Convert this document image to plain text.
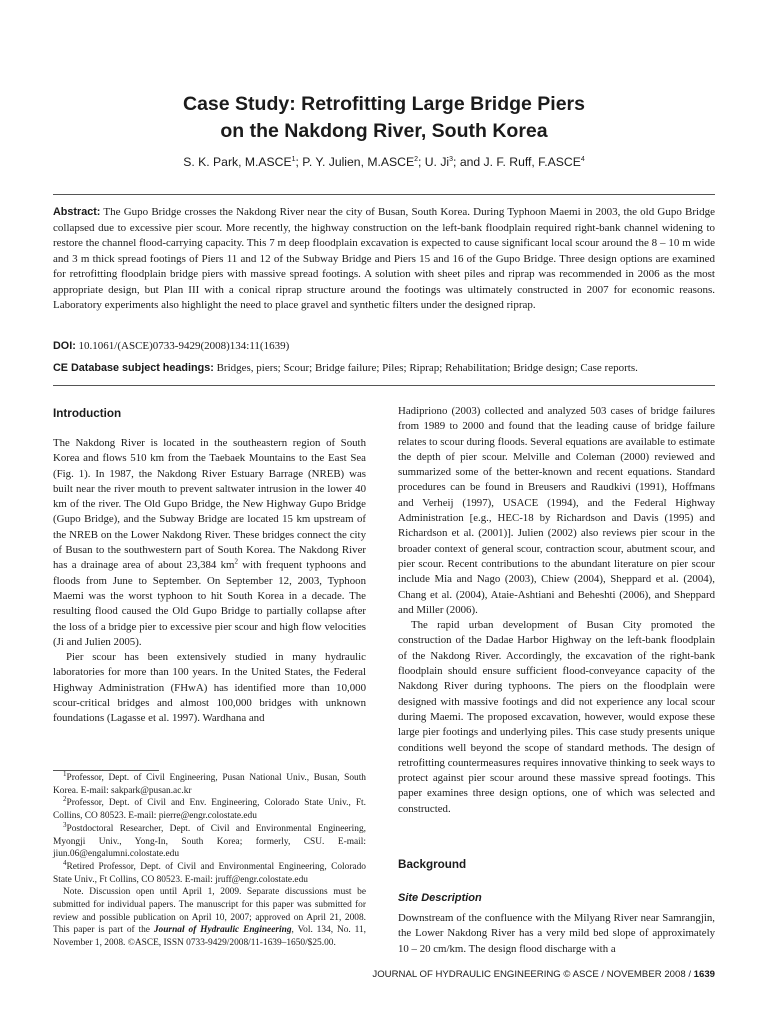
Case Study: Retrofitting Large Bridge Piers
on the Nakdong River, South Korea
S. K. Park, M.ASCE$^1$; P. Y. Julien, M.ASCE$^2$; U. Ji$^3$; and J. F. Ruff, F.ASCE$^4$
Abstract: The Gupo Bridge crosses the Nakdong River near the city of Busan, South Korea. During Typhoon Maemi in 2003, the old Gupo Bridge collapsed due to excessive pier scour. More recently, the highway construction on the left-bank floodplain required right-bank channel widening to restore the channel flood-carrying capacity. This 7 m deep floodplain excavation is expected to cause significant local scour around the 8 – 10 m wide and 3 m thick spread footings of Piers 11 and 12 of the Subway Bridge and Piers 15 and 16 of the Gupo Bridge. Three design options are examined for retrofitting floodplain bridge piers with massive spread footings. A solution with sheet piles and riprap was recommended in 2006 as the most appropriate design, but Plan III with a conical riprap structure around the footings was ultimately constructed in 2007 for economic reasons. Laboratory experiments also highlight the need to place gravel and synthetic filters under the designed riprap.
DOI: 10.1061/(ASCE)0733-9429(2008)134:11(1639)
CE Database subject headings: Bridges, piers; Scour; Bridge failure; Piles; Riprap; Rehabilitation; Bridge design; Case reports.
Introduction

The Nakdong River is located in the southeastern region of South Korea and flows 510 km from the Taebaek Mountains to the East Sea (Fig. 1). In 1987, the Nakdong River Estuary Barrage (NREB) was built near the river mouth to prevent saltwater intrusion in the lower 40 km of the river. The Old Gupo Bridge, the New Highway Gupo Bridge (Gupo Bridge), and the Subway Bridge are located 15 km upstream of the NREB on the Lower Nakdong River. These bridges connect the city of Busan to the southwestern part of South Korea. The Nakdong River has a drainage area of about 23,384 $km^2$ with frequent typhoons and floods from June to September. On September 12, 2003, Typhoon Maemi was the worst typhoon to hit South Korea in a decade. The resulting flood caused the Old Gupo Bridge to partially collapse after the loss of a bridge pier to excessive pier scour and high flow velocities (Ji and Julien 2005).

Pier scour has been extensively studied in many hydraulic laboratories for more than 100 years. In the United States, the Federal Highway Administration (FHwA) has identified more than 10,000 scour-critical bridges and almost 100,000 bridges with unknown foundations (Lagasse et al. 1997). Wardhana and

$^1$Professor, Dept. of Civil Engineering, Pusan National Univ., Busan, South Korea. E-mail: sakpark@pusan.ac.kr

$^2$Professor, Dept. of Civil and Env. Engineering, Colorado State Univ., Ft. Collins, CO 80523. E-mail: pierre@engr.colostate.edu

$^3$Postdoctoral Researcher, Dept. of Civil and Environmental Engineering, Myongji Univ., Yong-In, South Korea; formerly, CSU. E-mail: jiun.06@engalumni.colostate.edu

$^4$Retired Professor, Dept. of Civil and Environmental Engineering, Colorado State Univ., Ft Collins, CO 80523. E-mail: jruff@engr.colostate.edu

Note. Discussion open until April 1, 2009. Separate discussions must be submitted for individual papers. The manuscript for this paper was submitted for review and possible publication on April 10, 2007; approved on April 21, 2008. This paper is part of the Journal of Hydraulic Engineering, Vol. 134, No. 11, November 1, 2008. ©ASCE, ISSN 0733-9429/2008/11-1639–1650/$25.00.

Hadipriono (2003) collected and analyzed 503 cases of bridge failures from 1989 to 2000 and found that the leading cause of bridge failure relates to scour during floods. Several equations are available to estimate the depth of pier scour. Melville and Coleman (2000) reviewed and summarized some of the better-known and recent equations. Standard procedures can be found in Breusers and Raudkivi (1991), Hoffmans and Verheij (1997), USACE (1994), and the Federal Highway Administration [e.g., HEC-18 by Richardson and Davis (1995) and Richardson et al. (2001)]. Julien (2002) also reviews pier scour in the broader context of general scour, contraction scour, abutment scour, and pier scour. Recent contributions to the abundant literature on pier scour include Mia and Nago (2003), Chiew (2004), Sheppard et al. (2004), Chang et al. (2004), Ataie-Ashtiani and Beheshti (2006), and Sheppard and Miller (2006).

The rapid urban development of Busan City promoted the construction of the Dadae Harbor Highway on the left-bank floodplain of the Nakdong River. Accordingly, the excavation of the right-bank floodplain should ensure sufficient flood-conveyance capacity of the Nakdong River during typhoons. The piers on the floodplain were designed with massive footings and did not experience any local scour during Maemi. The proposed excavation, however, would expose these large pier footings and underlying piles. This case study presents unique conditions well beyond the scope of standard methods. The design of retrofitting countermeasures requires innovative thinking to seek ways to protect against pier scour around these massive spread footings. This paper examines three design options, one of which was selected and constructed.

Background
Site Description

Downstream of the confluence with the Milyang River near Samrangjin, the Lower Nakdong River has a very mild bed slope of approximately 10 – 20 cm/km. The design flood discharge with a

JOURNAL OF HYDRAULIC ENGINEERING © ASCE / NOVEMBER 2008 / 1639
